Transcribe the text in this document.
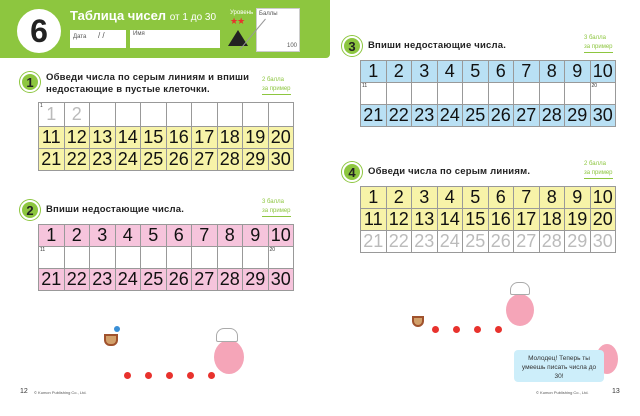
6	Таблица чисел от 1 до 30
Дата / /	Имя
Уровень
★★
Баллы
100
1	Обведи числа по серым линиям и впиши
недостающие в пустые клеточки.
2 балла
за пример
1 1 2
11 12 13 14 15 16 17 18 19 20
21 22 23 24 25 26 27 28 29 30
2	Впиши недостающие числа.
3 балла
за пример
1 2 3 4 5 6 7 8 9 10
11	20
21 22 23 24 25 26 27 28 29 30
3	Впиши недостающие числа.
3 балла
за пример
1 2 3 4 5 6 7 8 9 10
11	20
21 22 23 24 25 26 27 28 29 30
4	Обведи числа по серым линиям.
2 балла
за пример
1 2 3 4 5 6 7 8 9 10
11 12 13 14 15 16 17 18 19 20
21 22 23 24 25 26 27 28 29 30
Молодец! Теперь ты умеешь писать числа до 30!
12 © Kumon Publishing Co., Ltd.	© Kumon Publishing Co., Ltd.	13
